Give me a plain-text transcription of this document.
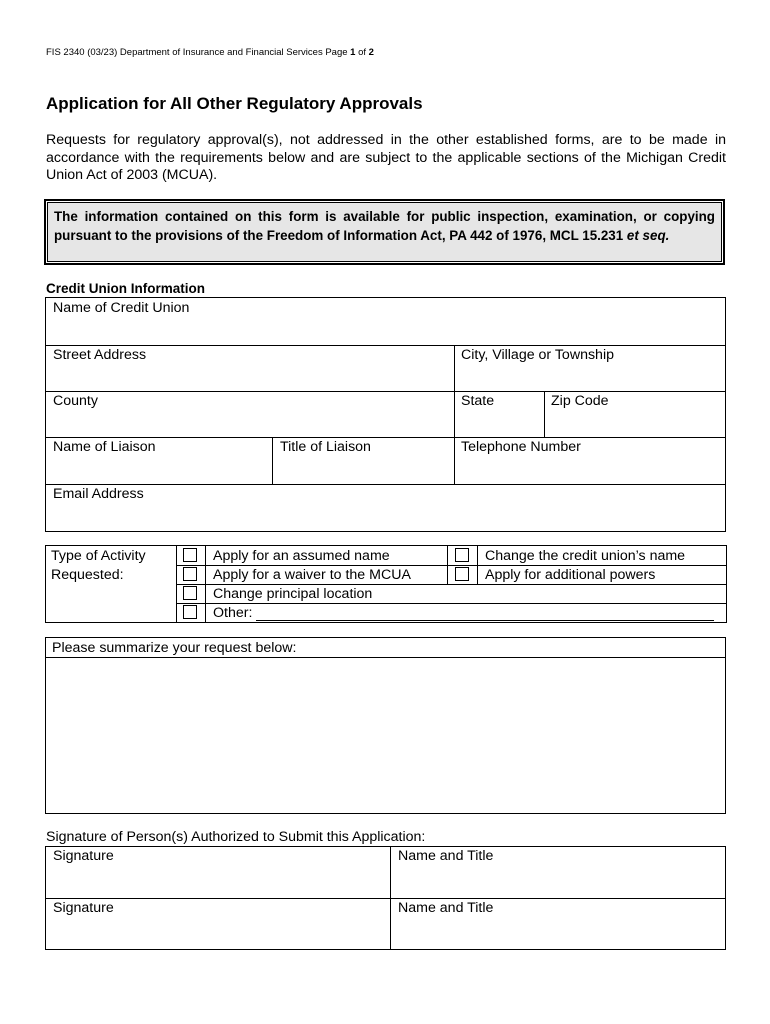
FIS 2340 (03/23) Department of Insurance and Financial Services Page 1 of 2
Application for All Other Regulatory Approvals
Requests for regulatory approval(s), not addressed in the other established forms, are to be made in accordance with the requirements below and are subject to the applicable sections of the Michigan Credit Union Act of 2003 (MCUA).
The information contained on this form is available for public inspection, examination, or copying pursuant to the provisions of the Freedom of Information Act, PA 442 of 1976, MCL 15.231 et seq.
Credit Union Information
Name of Credit Union
Street Address	City, Village or Township
County	State	Zip Code
Name of Liaison	Title of Liaison	Telephone Number
Email Address
Type of Activity
Requested:
Apply for an assumed name	Change the credit union’s name
Apply for a waiver to the MCUA	Apply for additional powers
Change principal location
Other:
Please summarize your request below:
Signature of Person(s) Authorized to Submit this Application:
Signature	Name and Title
Signature	Name and Title
